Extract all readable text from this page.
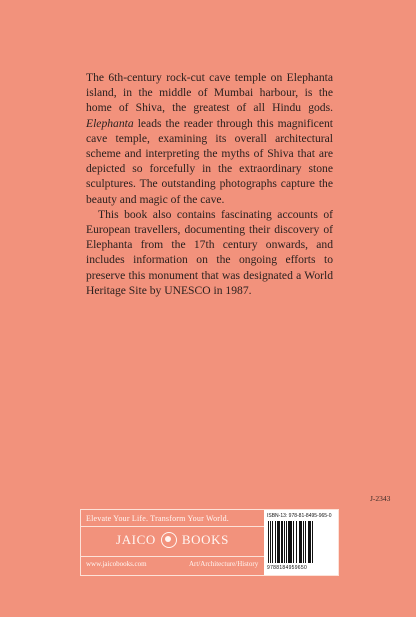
The 6th-century rock-cut cave temple on Elephanta island, in the middle of Mumbai harbour, is the home of Shiva, the greatest of all Hindu gods. Elephanta leads the reader through this magnificent cave temple, examining its overall architectural scheme and interpreting the myths of Shiva that are depicted so forcefully in the extraordinary stone sculptures. The outstanding photographs capture the beauty and magic of the cave.

This book also contains fascinating accounts of European travellers, documenting their discovery of Elephanta from the 17th century onwards, and includes information on the ongoing efforts to preserve this monument that was designated a World Heritage Site by UNESCO in 1987.

J-2343
Elevate Your Life. Transform Your World.
JAICO BOOKS
www.jaicobooks.com	Art/Architecture/History
ISBN-13: 978-81-8495-965-0
9788184959650
